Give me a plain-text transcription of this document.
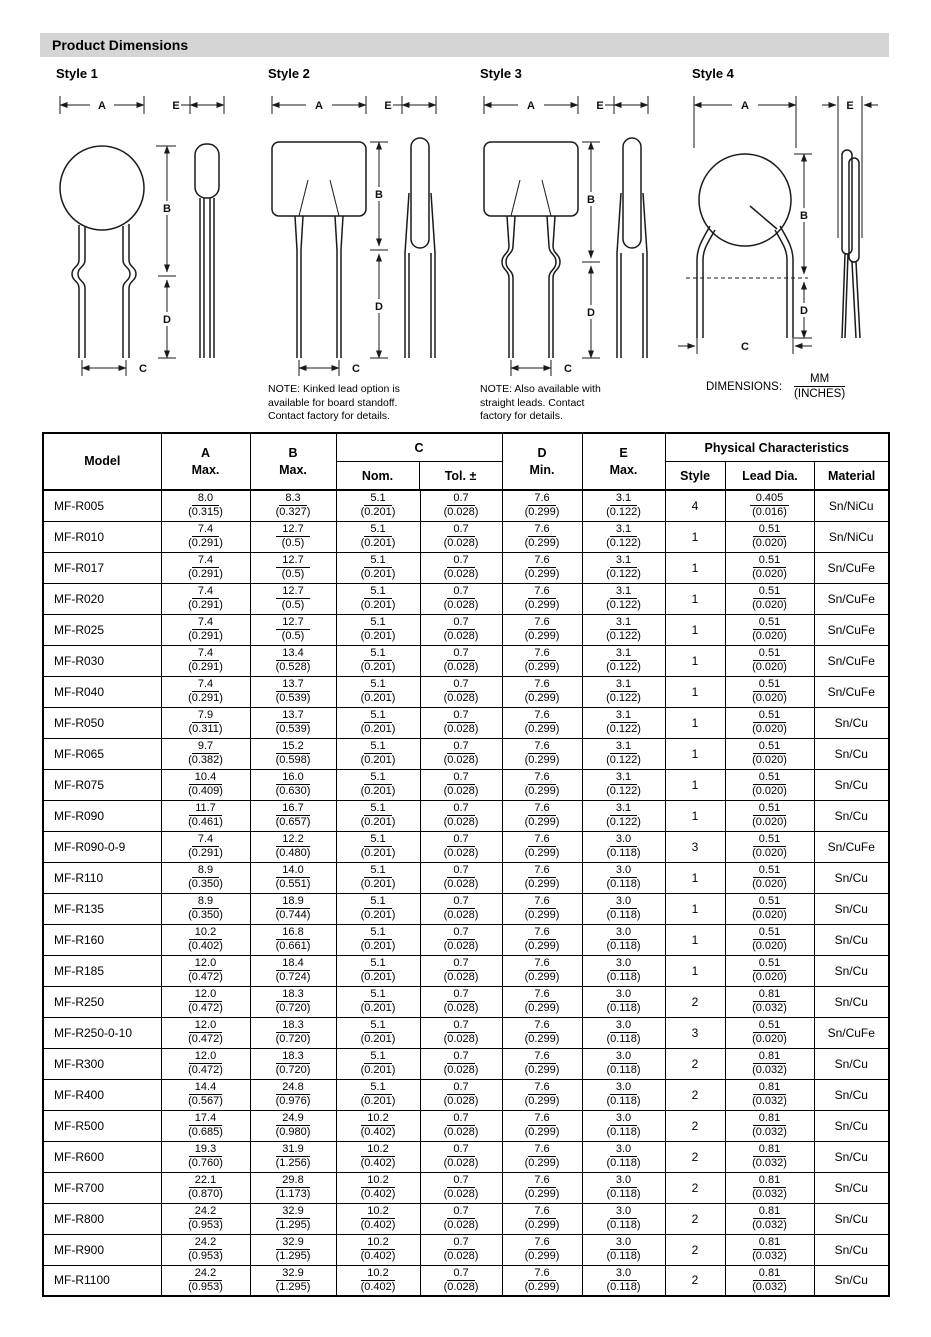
Product Dimensions
Style 1
A	E
B
D
C
Style 2
A	E
B
D
C
NOTE: Kinked lead option is
available for board standoff.
Contact factory for details.
Style 3
A	E
B
D
C
NOTE: Also available with
straight leads. Contact
factory for details.
Style 4
A	E
B
D
C
DIMENSIONS: $\frac{MM}{\text{(INCHES)}}$
Model

A
Max.

B
Max.

C
Nom.	Tol. ±

D
Min.

E
Max.

Physical Characteristics
Style	Lead Dia.	Material

MF-R005	$\frac{8.0}{(0.315)}$	$\frac{8.3}{(0.327)}$	$\frac{5.1}{(0.201)}$	$\frac{0.7}{(0.028)}$	$\frac{7.6}{(0.299)}$	$\frac{3.1}{(0.122)}$	4	$\frac{0.405}{(0.016)}$	Sn/NiCu
MF-R010	$\frac{7.4}{(0.291)}$	$\frac{12.7}{(0.5)}$	$\frac{5.1}{(0.201)}$	$\frac{0.7}{(0.028)}$	$\frac{7.6}{(0.299)}$	$\frac{3.1}{(0.122)}$	1	$\frac{0.51}{(0.020)}$	Sn/NiCu
MF-R017	$\frac{7.4}{(0.291)}$	$\frac{12.7}{(0.5)}$	$\frac{5.1}{(0.201)}$	$\frac{0.7}{(0.028)}$	$\frac{7.6}{(0.299)}$	$\frac{3.1}{(0.122)}$	1	$\frac{0.51}{(0.020)}$	Sn/CuFe
MF-R020	$\frac{7.4}{(0.291)}$	$\frac{12.7}{(0.5)}$	$\frac{5.1}{(0.201)}$	$\frac{0.7}{(0.028)}$	$\frac{7.6}{(0.299)}$	$\frac{3.1}{(0.122)}$	1	$\frac{0.51}{(0.020)}$	Sn/CuFe
MF-R025	$\frac{7.4}{(0.291)}$	$\frac{12.7}{(0.5)}$	$\frac{5.1}{(0.201)}$	$\frac{0.7}{(0.028)}$	$\frac{7.6}{(0.299)}$	$\frac{3.1}{(0.122)}$	1	$\frac{0.51}{(0.020)}$	Sn/CuFe
MF-R030	$\frac{7.4}{(0.291)}$	$\frac{13.4}{(0.528)}$	$\frac{5.1}{(0.201)}$	$\frac{0.7}{(0.028)}$	$\frac{7.6}{(0.299)}$	$\frac{3.1}{(0.122)}$	1	$\frac{0.51}{(0.020)}$	Sn/CuFe
MF-R040	$\frac{7.4}{(0.291)}$	$\frac{13.7}{(0.539)}$	$\frac{5.1}{(0.201)}$	$\frac{0.7}{(0.028)}$	$\frac{7.6}{(0.299)}$	$\frac{3.1}{(0.122)}$	1	$\frac{0.51}{(0.020)}$	Sn/CuFe
MF-R050	$\frac{7.9}{(0.311)}$	$\frac{13.7}{(0.539)}$	$\frac{5.1}{(0.201)}$	$\frac{0.7}{(0.028)}$	$\frac{7.6}{(0.299)}$	$\frac{3.1}{(0.122)}$	1	$\frac{0.51}{(0.020)}$	Sn/Cu
MF-R065	$\frac{9.7}{(0.382)}$	$\frac{15.2}{(0.598)}$	$\frac{5.1}{(0.201)}$	$\frac{0.7}{(0.028)}$	$\frac{7.6}{(0.299)}$	$\frac{3.1}{(0.122)}$	1	$\frac{0.51}{(0.020)}$	Sn/Cu
MF-R075	$\frac{10.4}{(0.409)}$	$\frac{16.0}{(0.630)}$	$\frac{5.1}{(0.201)}$	$\frac{0.7}{(0.028)}$	$\frac{7.6}{(0.299)}$	$\frac{3.1}{(0.122)}$	1	$\frac{0.51}{(0.020)}$	Sn/Cu
MF-R090	$\frac{11.7}{(0.461)}$	$\frac{16.7}{(0.657)}$	$\frac{5.1}{(0.201)}$	$\frac{0.7}{(0.028)}$	$\frac{7.6}{(0.299)}$	$\frac{3.1}{(0.122)}$	1	$\frac{0.51}{(0.020)}$	Sn/Cu
MF-R090-0-9	$\frac{7.4}{(0.291)}$	$\frac{12.2}{(0.480)}$	$\frac{5.1}{(0.201)}$	$\frac{0.7}{(0.028)}$	$\frac{7.6}{(0.299)}$	$\frac{3.0}{(0.118)}$	3	$\frac{0.51}{(0.020)}$	Sn/CuFe
MF-R110	$\frac{8.9}{(0.350)}$	$\frac{14.0}{(0.551)}$	$\frac{5.1}{(0.201)}$	$\frac{0.7}{(0.028)}$	$\frac{7.6}{(0.299)}$	$\frac{3.0}{(0.118)}$	1	$\frac{0.51}{(0.020)}$	Sn/Cu
MF-R135	$\frac{8.9}{(0.350)}$	$\frac{18.9}{(0.744)}$	$\frac{5.1}{(0.201)}$	$\frac{0.7}{(0.028)}$	$\frac{7.6}{(0.299)}$	$\frac{3.0}{(0.118)}$	1	$\frac{0.51}{(0.020)}$	Sn/Cu
MF-R160	$\frac{10.2}{(0.402)}$	$\frac{16.8}{(0.661)}$	$\frac{5.1}{(0.201)}$	$\frac{0.7}{(0.028)}$	$\frac{7.6}{(0.299)}$	$\frac{3.0}{(0.118)}$	1	$\frac{0.51}{(0.020)}$	Sn/Cu
MF-R185	$\frac{12.0}{(0.472)}$	$\frac{18.4}{(0.724)}$	$\frac{5.1}{(0.201)}$	$\frac{0.7}{(0.028)}$	$\frac{7.6}{(0.299)}$	$\frac{3.0}{(0.118)}$	1	$\frac{0.51}{(0.020)}$	Sn/Cu
MF-R250	$\frac{12.0}{(0.472)}$	$\frac{18.3}{(0.720)}$	$\frac{5.1}{(0.201)}$	$\frac{0.7}{(0.028)}$	$\frac{7.6}{(0.299)}$	$\frac{3.0}{(0.118)}$	2	$\frac{0.81}{(0.032)}$	Sn/Cu
MF-R250-0-10	$\frac{12.0}{(0.472)}$	$\frac{18.3}{(0.720)}$	$\frac{5.1}{(0.201)}$	$\frac{0.7}{(0.028)}$	$\frac{7.6}{(0.299)}$	$\frac{3.0}{(0.118)}$	3	$\frac{0.51}{(0.020)}$	Sn/CuFe
MF-R300	$\frac{12.0}{(0.472)}$	$\frac{18.3}{(0.720)}$	$\frac{5.1}{(0.201)}$	$\frac{0.7}{(0.028)}$	$\frac{7.6}{(0.299)}$	$\frac{3.0}{(0.118)}$	2	$\frac{0.81}{(0.032)}$	Sn/Cu
MF-R400	$\frac{14.4}{(0.567)}$	$\frac{24.8}{(0.976)}$	$\frac{5.1}{(0.201)}$	$\frac{0.7}{(0.028)}$	$\frac{7.6}{(0.299)}$	$\frac{3.0}{(0.118)}$	2	$\frac{0.81}{(0.032)}$	Sn/Cu
MF-R500	$\frac{17.4}{(0.685)}$	$\frac{24.9}{(0.980)}$	$\frac{10.2}{(0.402)}$	$\frac{0.7}{(0.028)}$	$\frac{7.6}{(0.299)}$	$\frac{3.0}{(0.118)}$	2	$\frac{0.81}{(0.032)}$	Sn/Cu
MF-R600	$\frac{19.3}{(0.760)}$	$\frac{31.9}{(1.256)}$	$\frac{10.2}{(0.402)}$	$\frac{0.7}{(0.028)}$	$\frac{7.6}{(0.299)}$	$\frac{3.0}{(0.118)}$	2	$\frac{0.81}{(0.032)}$	Sn/Cu
MF-R700	$\frac{22.1}{(0.870)}$	$\frac{29.8}{(1.173)}$	$\frac{10.2}{(0.402)}$	$\frac{0.7}{(0.028)}$	$\frac{7.6}{(0.299)}$	$\frac{3.0}{(0.118)}$	2	$\frac{0.81}{(0.032)}$	Sn/Cu
MF-R800	$\frac{24.2}{(0.953)}$	$\frac{32.9}{(1.295)}$	$\frac{10.2}{(0.402)}$	$\frac{0.7}{(0.028)}$	$\frac{7.6}{(0.299)}$	$\frac{3.0}{(0.118)}$	2	$\frac{0.81}{(0.032)}$	Sn/Cu
MF-R900	$\frac{24.2}{(0.953)}$	$\frac{32.9}{(1.295)}$	$\frac{10.2}{(0.402)}$	$\frac{0.7}{(0.028)}$	$\frac{7.6}{(0.299)}$	$\frac{3.0}{(0.118)}$	2	$\frac{0.81}{(0.032)}$	Sn/Cu
MF-R1100	$\frac{24.2}{(0.953)}$	$\frac{32.9}{(1.295)}$	$\frac{10.2}{(0.402)}$	$\frac{0.7}{(0.028)}$	$\frac{7.6}{(0.299)}$	$\frac{3.0}{(0.118)}$	2	$\frac{0.81}{(0.032)}$	Sn/Cu
